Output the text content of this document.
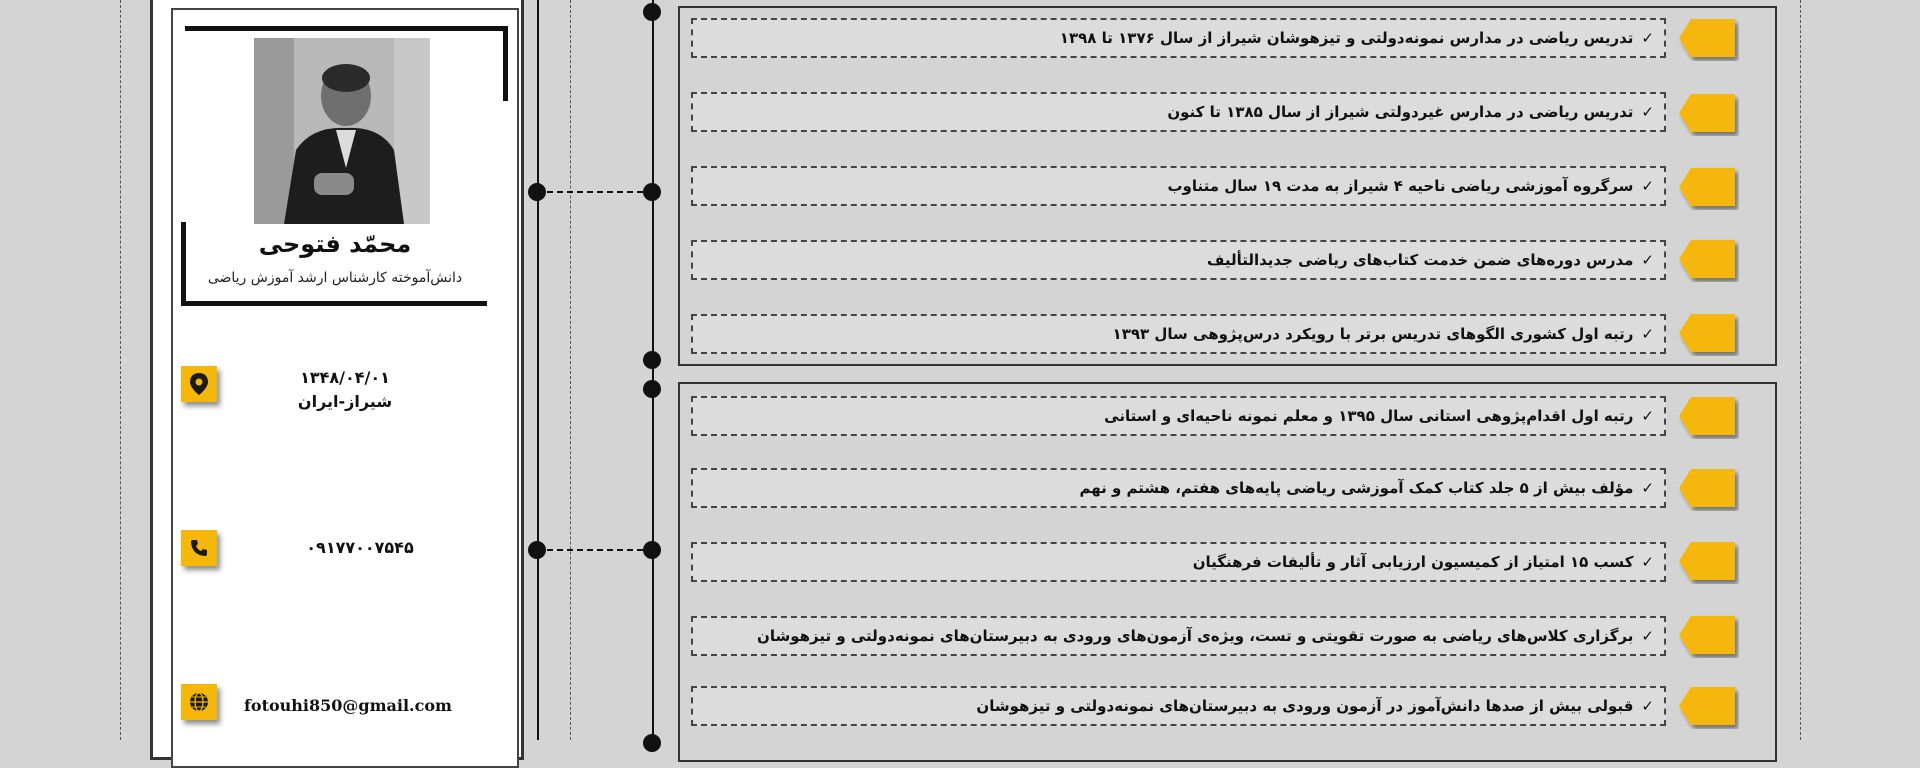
محمّد فتوحی
دانش‌آموخته کارشناس ارشد آموزش ریاضی
۱۳۴۸/۰۴/۰۱
شیراز-ایران
۰۹۱۷۷۰۰۷۵۴۵
fotouhi850@gmail.com
✓
تدریس ریاضی در مدارس نمونه‌دولتی و تیزهوشان شیراز از سال ۱۳۷۶ تا ۱۳۹۸
✓
تدریس ریاضی در مدارس غیردولتی شیراز از سال ۱۳۸۵ تا کنون
✓
سرگروه آموزشی ریاضی ناحیه ۴ شیراز به مدت ۱۹ سال متناوب
✓
مدرس دوره‌های ضمن خدمت کتاب‌های ریاضی جدیدالتألیف
✓
رتبه اول کشوری الگوهای تدریس برتر با رویکرد درس‌پژوهی سال ۱۳۹۳
✓
رتبه اول اقدام‌پژوهی استانی سال ۱۳۹۵ و معلم نمونه ناحیه‌ای و استانی
✓
مؤلف بیش از ۵ جلد کتاب کمک آموزشی ریاضی پایه‌های هفتم، هشتم و نهم
✓
کسب ۱۵ امتیاز از کمیسیون ارزیابی آثار و تألیفات فرهنگیان
✓
برگزاری کلاس‌های ریاضی به صورت تقویتی و تست، ویژه‌ی آزمون‌های ورودی به دبیرستان‌های نمونه‌دولتی و تیزهوشان
✓
قبولی بیش از صدها دانش‌آموز در آزمون ورودی به دبیرستان‌های نمونه‌دولتی و تیزهوشان
